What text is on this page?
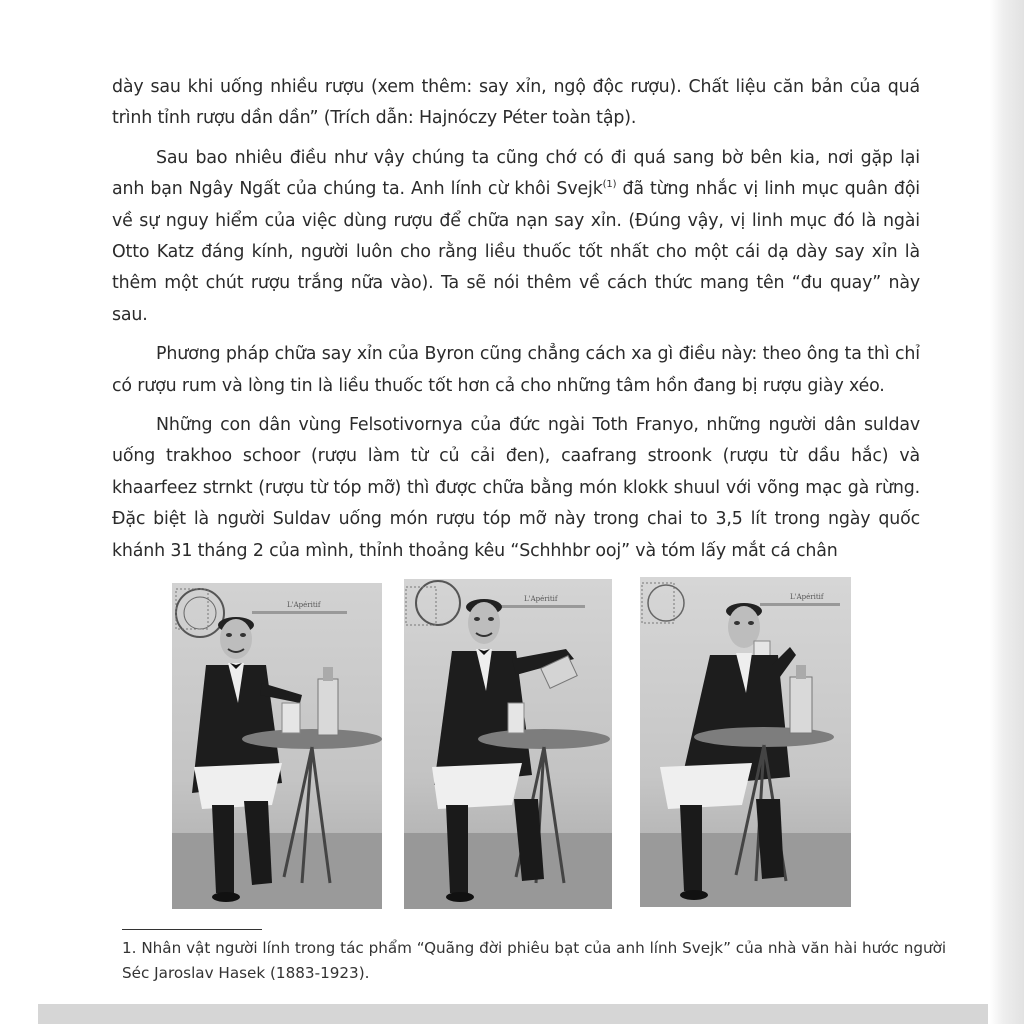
dày sau khi uống nhiều rượu (xem thêm: say xỉn, ngộ độc rượu). Chất liệu căn bản của quá trình tỉnh rượu dần dần” (Trích dẫn: Hajnóczy Péter toàn tập).

Sau bao nhiêu điều như vậy chúng ta cũng chớ có đi quá sang bờ bên kia, nơi gặp lại anh bạn Ngây Ngất của chúng ta. Anh lính cừ khôi Svejk$^{(1)}$ đã từng nhắc vị linh mục quân đội về sự nguy hiểm của việc dùng rượu để chữa nạn say xỉn. (Đúng vậy, vị linh mục đó là ngài Otto Katz đáng kính, người luôn cho rằng liều thuốc tốt nhất cho một cái dạ dày say xỉn là thêm một chút rượu trắng nữa vào). Ta sẽ nói thêm về cách thức mang tên “đu quay” này sau.

Phương pháp chữa say xỉn của Byron cũng chẳng cách xa gì điều này: theo ông ta thì chỉ có rượu rum và lòng tin là liều thuốc tốt hơn cả cho những tâm hồn đang bị rượu giày xéo.

Những con dân vùng Felsotivornya của đức ngài Toth Franyo, những người dân suldav uống trakhoo schoor (rượu làm từ củ cải đen), caafrang stroonk (rượu từ dầu hắc) và khaarfeez strnkt (rượu từ tóp mỡ) thì được chữa bằng món klokk shuul với võng mạc gà rừng. Đặc biệt là người Suldav uống món rượu tóp mỡ này trong chai to 3,5 lít trong ngày quốc khánh 31 tháng 2 của mình, thỉnh thoảng kêu “Schhhbr ooj” và tóm lấy mắt cá chân

L'Apéritif
L'Apéritif	L'Apéritif
1. Nhân vật người lính trong tác phẩm “Quãng đời phiêu bạt của anh lính Svejk” của nhà văn hài hước người Séc Jaroslav Hasek (1883-1923).
